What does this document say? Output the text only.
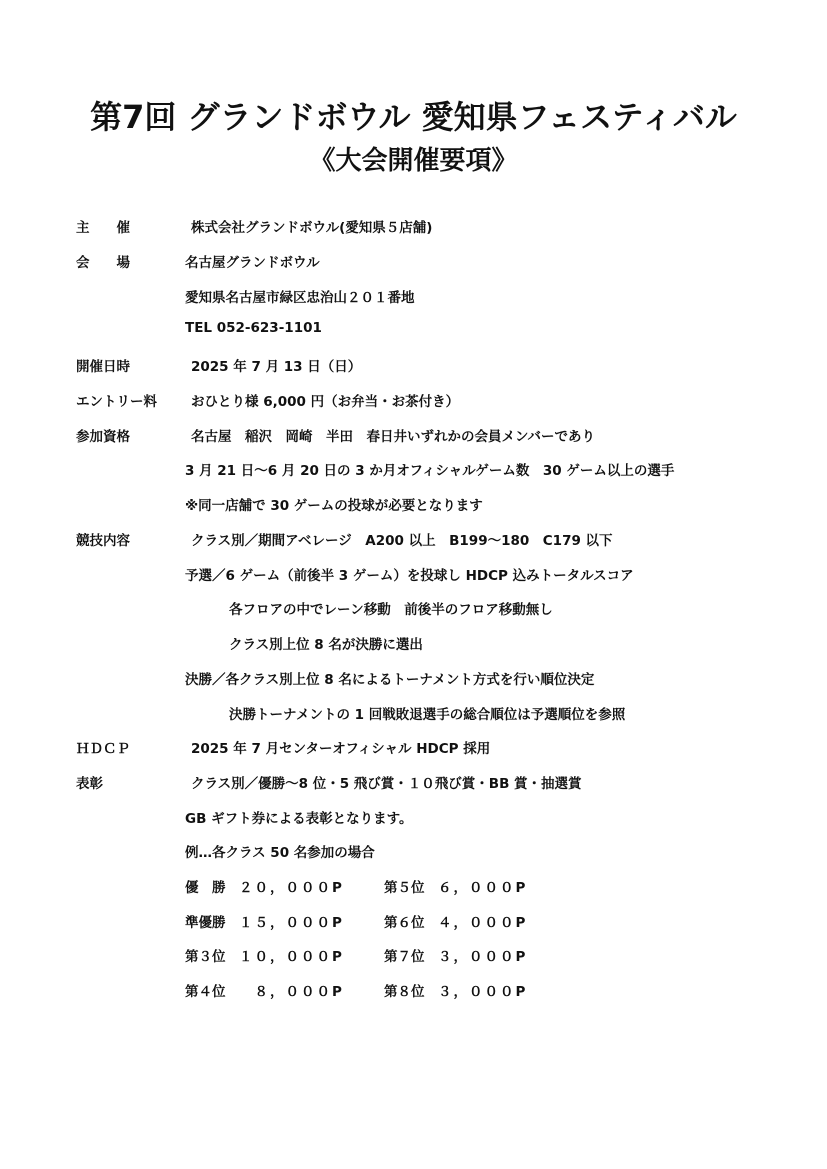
第7回 グランドボウル 愛知県フェスティバル
《大会開催要項》
主　　催	株式会社グランドボウル(愛知県５店舗)
会　　場	名古屋グランドボウル
愛知県名古屋市緑区忠治山２０１番地
TEL 052-623-1101
開催日時	2025 年 7 月 13 日（日）
エントリー料	おひとり様 6,000 円（お弁当・お茶付き）
参加資格	名古屋　稲沢　岡崎　半田　春日井いずれかの会員メンバーであり
3 月 21 日～6 月 20 日の 3 か月オフィシャルゲーム数　30 ゲーム以上の選手
※同一店舗で 30 ゲームの投球が必要となります
競技内容	クラス別／期間アベレージ　A200 以上　B199～180　C179 以下
予選／6 ゲーム（前後半 3 ゲーム）を投球し HDCP 込みトータルスコア
各フロアの中でレーン移動　前後半のフロア移動無し
クラス別上位 8 名が決勝に選出
決勝／各クラス別上位 8 名によるトーナメント方式を行い順位決定
決勝トーナメントの 1 回戦敗退選手の総合順位は予選順位を参照
ＨＤＣＰ	2025 年 7 月センターオフィシャル HDCP 採用
表彰	クラス別／優勝～8 位・5 飛び賞・１０飛び賞・BB 賞・抽選賞
GB ギフト券による表彰となります。
例…各クラス 50 名参加の場合
優　勝　 ２０，０００P	第５位　 ６，０００P
準優勝　 １５，０００P	第６位　 ４，０００P
第３位　 １０，０００P	第７位　 ３，０００P
第４位　　８，０００P	第８位　 ３，０００P
